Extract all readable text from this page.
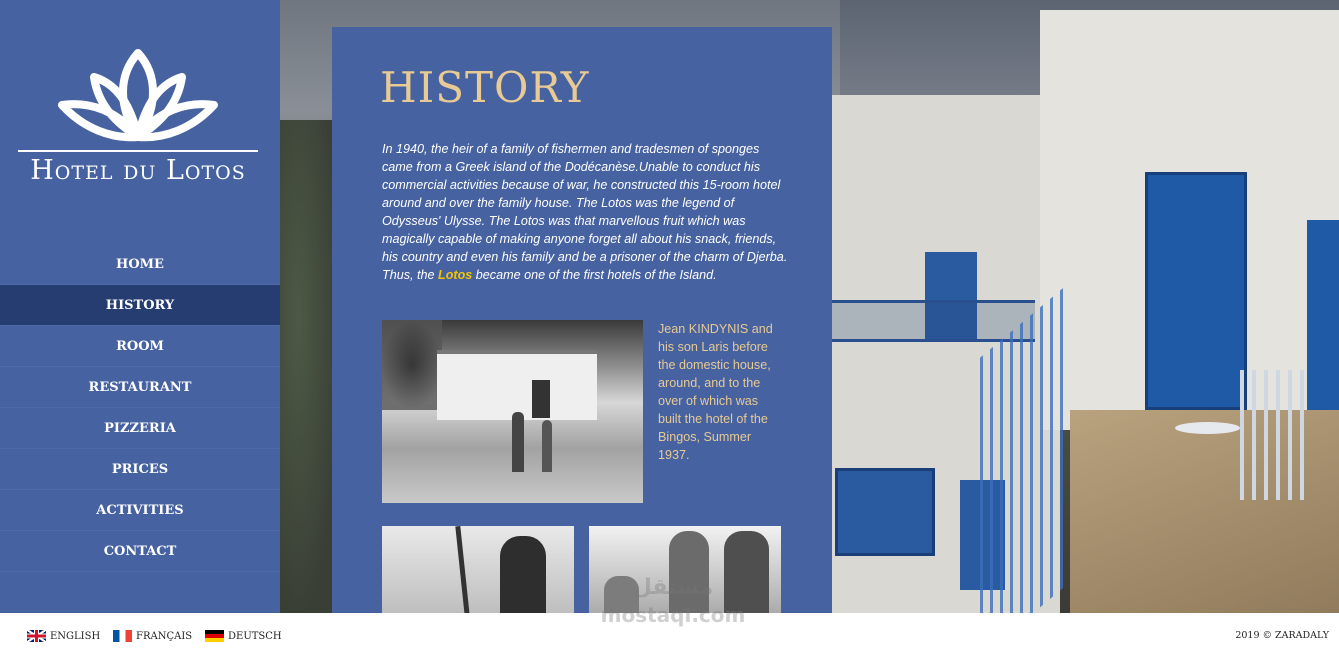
Hotel du Lotos
HOME
HISTORY
ROOM
RESTAURANT
PIZZERIA
PRICES
ACTIVITIES
CONTACT
HISTORY

In 1940, the heir of a family of fishermen and tradesmen of sponges came from a Greek island of the Dodécanèse.Unable to conduct his commercial activities because of war, he constructed this 15-room hotel around and over the family house. The Lotos was the legend of Odysseus' Ulysse. The Lotos was that marvellous fruit which was magically capable of making anyone forget all about his snack, friends, his country and even his family and be a prisoner of the charm of Djerba.

Thus, the Lotos became one of the first hotels of the Island.

Jean KINDYNIS and his son Laris before the domestic house, around, and to the over of which was built the hotel of the Bingos, Summer 1937.

ENGLISH	FRANÇAIS	DEUTSCH	2019 © ZARADALY
مستقل
mostaql.com
